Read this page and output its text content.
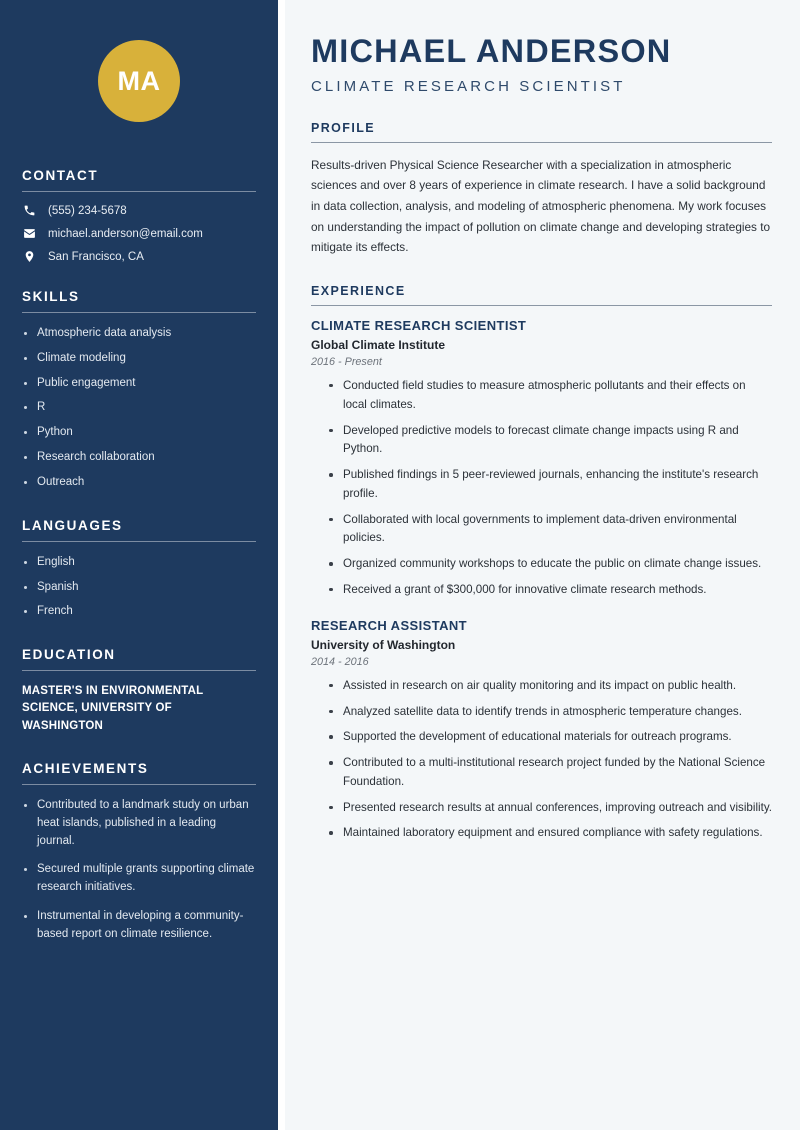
MA
CONTACT
(555) 234-5678
michael.anderson@email.com
San Francisco, CA
SKILLS
Atmospheric data analysis
Climate modeling
Public engagement
R
Python
Research collaboration
Outreach
LANGUAGES
English
Spanish
French
EDUCATION
MASTER'S IN ENVIRONMENTAL SCIENCE, UNIVERSITY OF WASHINGTON
ACHIEVEMENTS
Contributed to a landmark study on urban heat islands, published in a leading journal.
Secured multiple grants supporting climate research initiatives.
Instrumental in developing a community-based report on climate resilience.
MICHAEL ANDERSON
CLIMATE RESEARCH SCIENTIST
PROFILE

Results-driven Physical Science Researcher with a specialization in atmospheric sciences and over 8 years of experience in climate research. I have a solid background in data collection, analysis, and modeling of atmospheric phenomena. My work focuses on understanding the impact of pollution on climate change and developing strategies to mitigate its effects.

EXPERIENCE
CLIMATE RESEARCH SCIENTIST
Global Climate Institute
2016 - Present
Conducted field studies to measure atmospheric pollutants and their effects on local climates.
Developed predictive models to forecast climate change impacts using R and Python.
Published findings in 5 peer-reviewed journals, enhancing the institute's research profile.
Collaborated with local governments to implement data-driven environmental policies.
Organized community workshops to educate the public on climate change issues.
Received a grant of $300,000 for innovative climate research methods.
RESEARCH ASSISTANT
University of Washington
2014 - 2016
Assisted in research on air quality monitoring and its impact on public health.
Analyzed satellite data to identify trends in atmospheric temperature changes.
Supported the development of educational materials for outreach programs.
Contributed to a multi-institutional research project funded by the National Science Foundation.
Presented research results at annual conferences, improving outreach and visibility.
Maintained laboratory equipment and ensured compliance with safety regulations.
